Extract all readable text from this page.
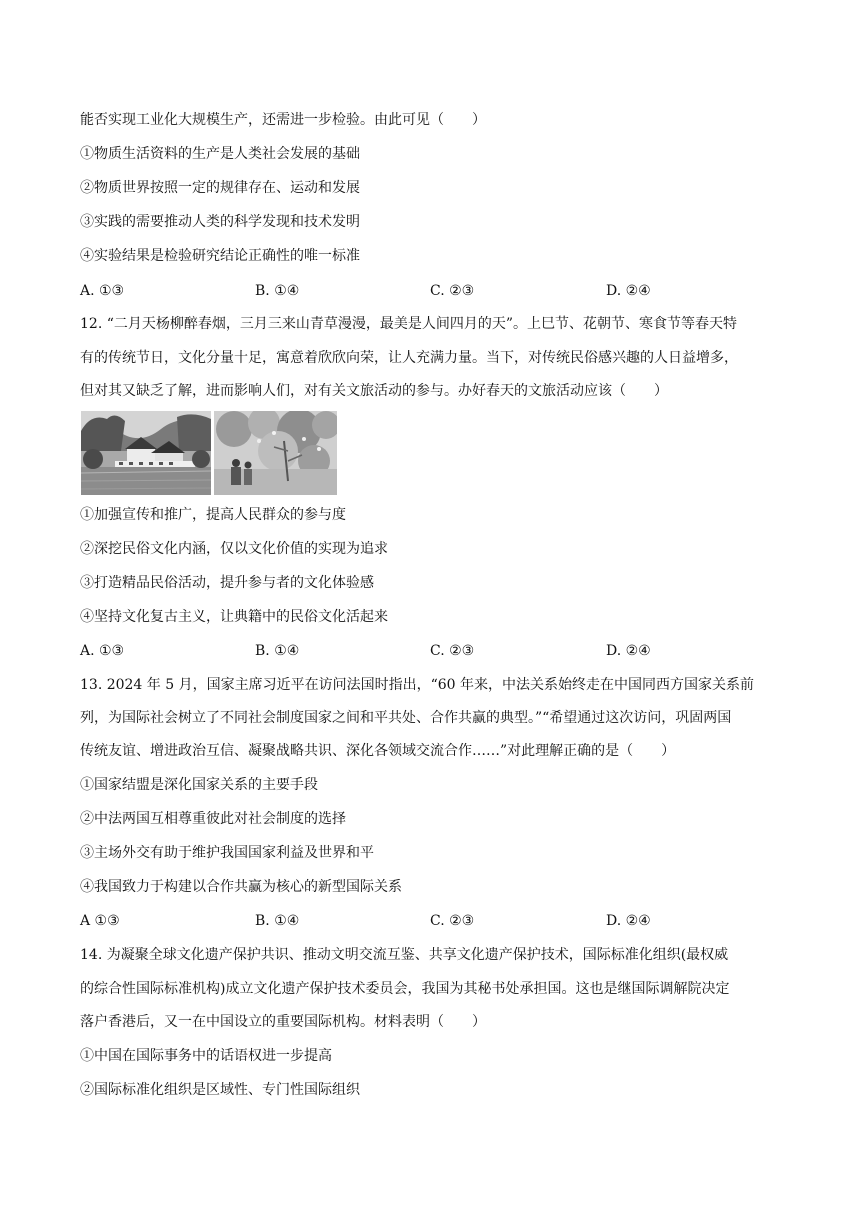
能否实现工业化大规模生产，还需进一步检验。由此可见（　　）
①物质生活资料的生产是人类社会发展的基础
②物质世界按照一定的规律存在、运动和发展
③实践的需要推动人类的科学发现和技术发明
④实验结果是检验研究结论正确性的唯一标准
A. ①③	B. ①④	C. ②③	D. ②④
12. “二月天杨柳醉春烟，三月三来山青草漫漫，最美是人间四月的天”。上巳节、花朝节、寒食节等春天特
有的传统节日，文化分量十足，寓意着欣欣向荣，让人充满力量。当下，对传统民俗感兴趣的人日益增多，
但对其又缺乏了解，进而影响人们，对有关文旅活动的参与。办好春天的文旅活动应该（　　）
①加强宣传和推广，提高人民群众的参与度
②深挖民俗文化内涵，仅以文化价值的实现为追求
③打造精品民俗活动，提升参与者的文化体验感
④坚持文化复古主义，让典籍中的民俗文化活起来
A. ①③	B. ①④	C. ②③	D. ②④
13. 2024 年 5 月，国家主席习近平在访问法国时指出，“60 年来，中法关系始终走在中国同西方国家关系前
列，为国际社会树立了不同社会制度国家之间和平共处、合作共赢的典型。”“希望通过这次访问，巩固两国
传统友谊、增进政治互信、凝聚战略共识、深化各领域交流合作……”对此理解正确的是（　　）
①国家结盟是深化国家关系的主要手段
②中法两国互相尊重彼此对社会制度的选择
③主场外交有助于维护我国国家利益及世界和平
④我国致力于构建以合作共赢为核心的新型国际关系
A ①③	B. ①④	C. ②③	D. ②④
14. 为凝聚全球文化遗产保护共识、推动文明交流互鉴、共享文化遗产保护技术，国际标准化组织(最权威
的综合性国际标准机构)成立文化遗产保护技术委员会，我国为其秘书处承担国。这也是继国际调解院决定
落户香港后，又一在中国设立的重要国际机构。材料表明（　　）
①中国在国际事务中的话语权进一步提高
②国际标准化组织是区域性、专门性国际组织
